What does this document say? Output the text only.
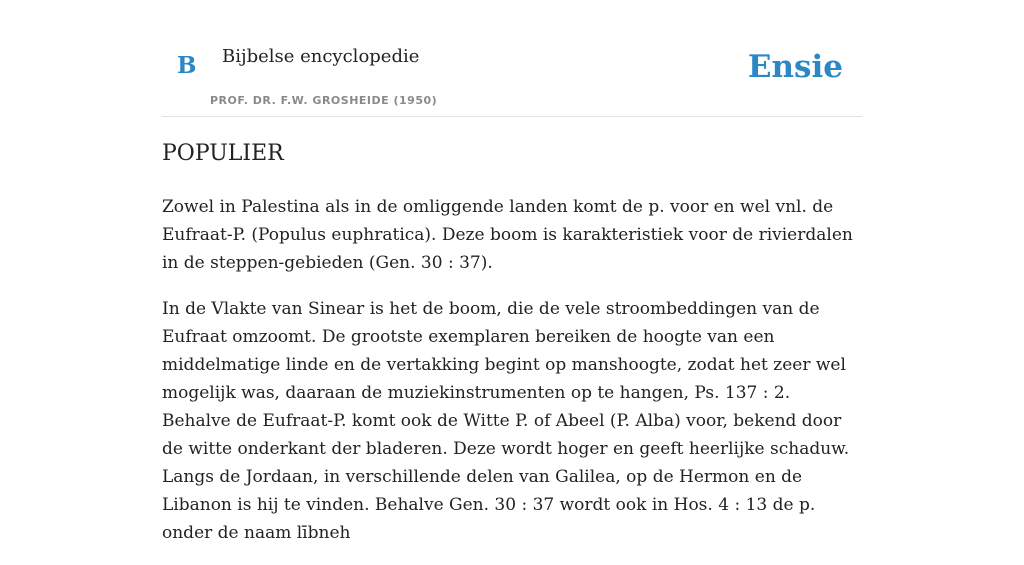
B Bijbelse encyclopedie
PROF. DR. F.W. GROSHEIDE (1950)
Ensie
POPULIER

Zowel in Palestina als in de omliggende landen komt de p. voor en wel vnl. de Eufraat-P. (Populus euphratica). Deze boom is karakteristiek voor de rivierdalen in de steppen-gebieden (Gen. 30 : 37).

In de Vlakte van Sinear is het de boom, die de vele stroombeddingen van de Eufraat omzoomt. De grootste exemplaren bereiken de hoogte van een middelmatige linde en de vertakking begint op manshoogte, zodat het zeer wel mogelijk was, daaraan de muziekinstrumenten op te hangen, Ps. 137 : 2. Behalve de Eufraat-P. komt ook de Witte P. of Abeel (P. Alba) voor, bekend door de witte onderkant der bladeren. Deze wordt hoger en geeft heerlijke schaduw. Langs de Jordaan, in verschillende delen van Galilea, op de Hermon en de Libanon is hij te vinden. Behalve Gen. 30 : 37 wordt ook in Hos. 4 : 13 de p. onder de naam lībneh
